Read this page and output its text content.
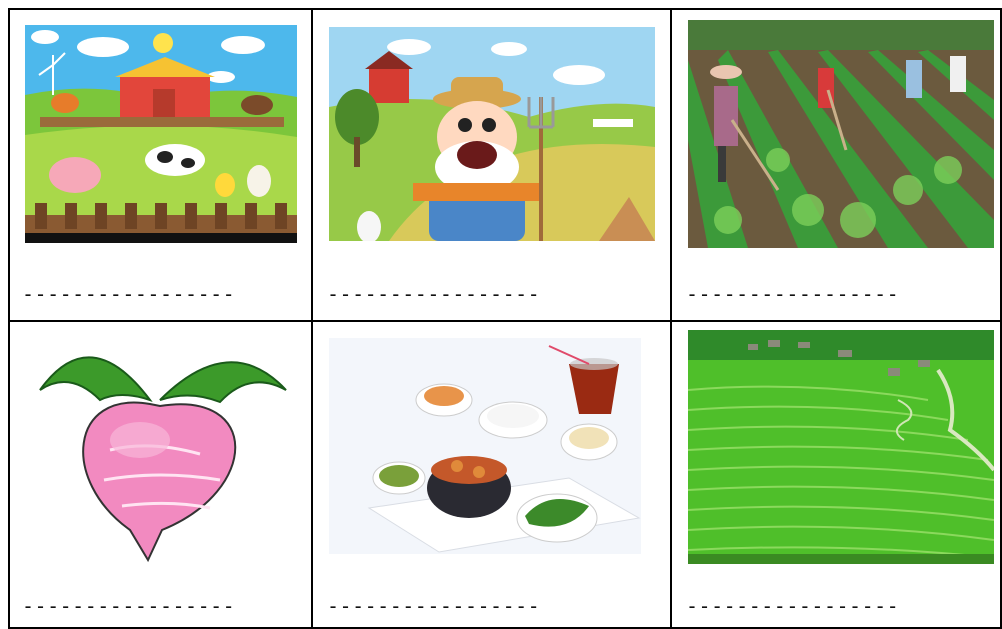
-----------------	-----------------	-----------------

-----------------	-----------------	-----------------
